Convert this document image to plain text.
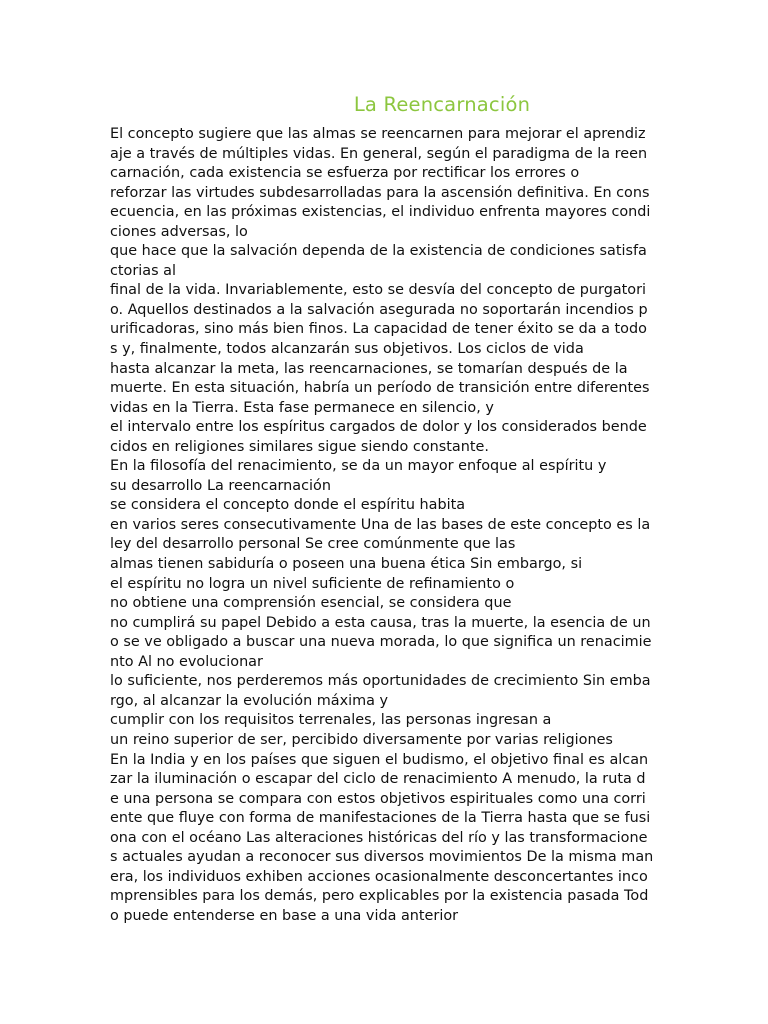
La Reencarnación
El concepto sugiere que las almas se reencarnen para mejorar el aprendiz
aje a través de múltiples vidas. En general, según el paradigma de la reen
carnación, cada existencia se esfuerza por rectificar los errores o
reforzar las virtudes subdesarrolladas para la ascensión definitiva. En cons
ecuencia, en las próximas existencias, el individuo enfrenta mayores condi
ciones adversas, lo
que hace que la salvación dependa de la existencia de condiciones satisfa
ctorias al
final de la vida. Invariablemente, esto se desvía del concepto de purgatori
o. Aquellos destinados a la salvación asegurada no soportarán incendios p
urificadoras, sino más bien finos. La capacidad de tener éxito se da a todo
s y, finalmente, todos alcanzarán sus objetivos. Los ciclos de vida
hasta alcanzar la meta, las reencarnaciones, se tomarían después de la
muerte. En esta situación, habría un período de transición entre diferentes
vidas en la Tierra. Esta fase permanece en silencio, y
el intervalo entre los espíritus cargados de dolor y los considerados bende
cidos en religiones similares sigue siendo constante.
En la filosofía del renacimiento, se da un mayor enfoque al espíritu y
su desarrollo La reencarnación
se considera el concepto donde el espíritu habita
en varios seres consecutivamente Una de las bases de este concepto es la
ley del desarrollo personal Se cree comúnmente que las
almas tienen sabiduría o poseen una buena ética Sin embargo, si
el espíritu no logra un nivel suficiente de refinamiento o
no obtiene una comprensión esencial, se considera que
no cumplirá su papel Debido a esta causa, tras la muerte, la esencia de un
o se ve obligado a buscar una nueva morada, lo que significa un renacimie
nto Al no evolucionar
lo suficiente, nos perderemos más oportunidades de crecimiento Sin emba
rgo, al alcanzar la evolución máxima y
cumplir con los requisitos terrenales, las personas ingresan a
un reino superior de ser, percibido diversamente por varias religiones
En la India y en los países que siguen el budismo, el objetivo final es alcan
zar la iluminación o escapar del ciclo de renacimiento A menudo, la ruta d
e una persona se compara con estos objetivos espirituales como una corri
ente que fluye con forma de manifestaciones de la Tierra hasta que se fusi
ona con el océano Las alteraciones históricas del río y las transformacione
s actuales ayudan a reconocer sus diversos movimientos De la misma man
era, los individuos exhiben acciones ocasionalmente desconcertantes inco
mprensibles para los demás, pero explicables por la existencia pasada Tod
o puede entenderse en base a una vida anterior
